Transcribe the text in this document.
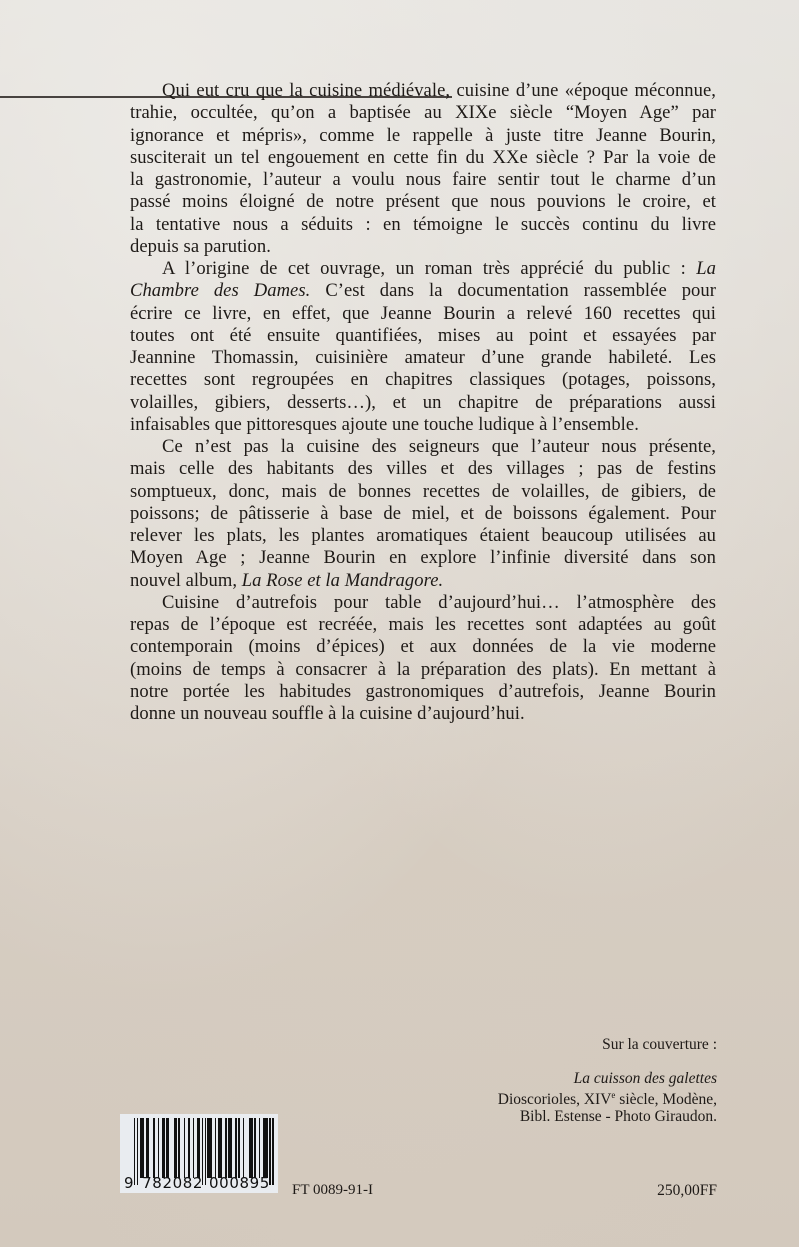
Qui eut cru que la cuisine médiévale, cuisine d’une «époque méconnue,
trahie, occultée, qu’on a baptisée au XIXe siècle “Moyen Age” par
ignorance et mépris», comme le rappelle à juste titre Jeanne Bourin,
susciterait un tel engouement en cette fin du XXe siècle ? Par la voie de
la gastronomie, l’auteur a voulu nous faire sentir tout le charme d’un
passé moins éloigné de notre présent que nous pouvions le croire, et
la tentative nous a séduits : en témoigne le succès continu du livre
depuis sa parution.

A l’origine de cet ouvrage, un roman très apprécié du public : La
Chambre des Dames. C’est dans la documentation rassemblée pour
écrire ce livre, en effet, que Jeanne Bourin a relevé 160 recettes qui
toutes ont été ensuite quantifiées, mises au point et essayées par
Jeannine Thomassin, cuisinière amateur d’une grande habileté. Les
recettes sont regroupées en chapitres classiques (potages, poissons,
volailles, gibiers, desserts…), et un chapitre de préparations aussi
infaisables que pittoresques ajoute une touche ludique à l’ensemble.

Ce n’est pas la cuisine des seigneurs que l’auteur nous présente,
mais celle des habitants des villes et des villages ; pas de festins
somptueux, donc, mais de bonnes recettes de volailles, de gibiers, de
poissons; de pâtisserie à base de miel, et de boissons également. Pour
relever les plats, les plantes aromatiques étaient beaucoup utilisées au
Moyen Age ; Jeanne Bourin en explore l’infinie diversité dans son
nouvel album, La Rose et la Mandragore.

Cuisine d’autrefois pour table d’aujourd’hui… l’atmosphère des
repas de l’époque est recréée, mais les recettes sont adaptées au goût
contemporain (moins d’épices) et aux données de la vie moderne
(moins de temps à consacrer à la préparation des plats). En mettant à
notre portée les habitudes gastronomiques d’autrefois, Jeanne Bourin
donne un nouveau souffle à la cuisine d’aujourd’hui.

Sur la couverture :
La cuisson des galettes
Dioscorioles, XIVe siècle, Modène,
Bibl. Estense - Photo Giraudon.
9 782082 000895	FT 0089-91-I	250,00FF
